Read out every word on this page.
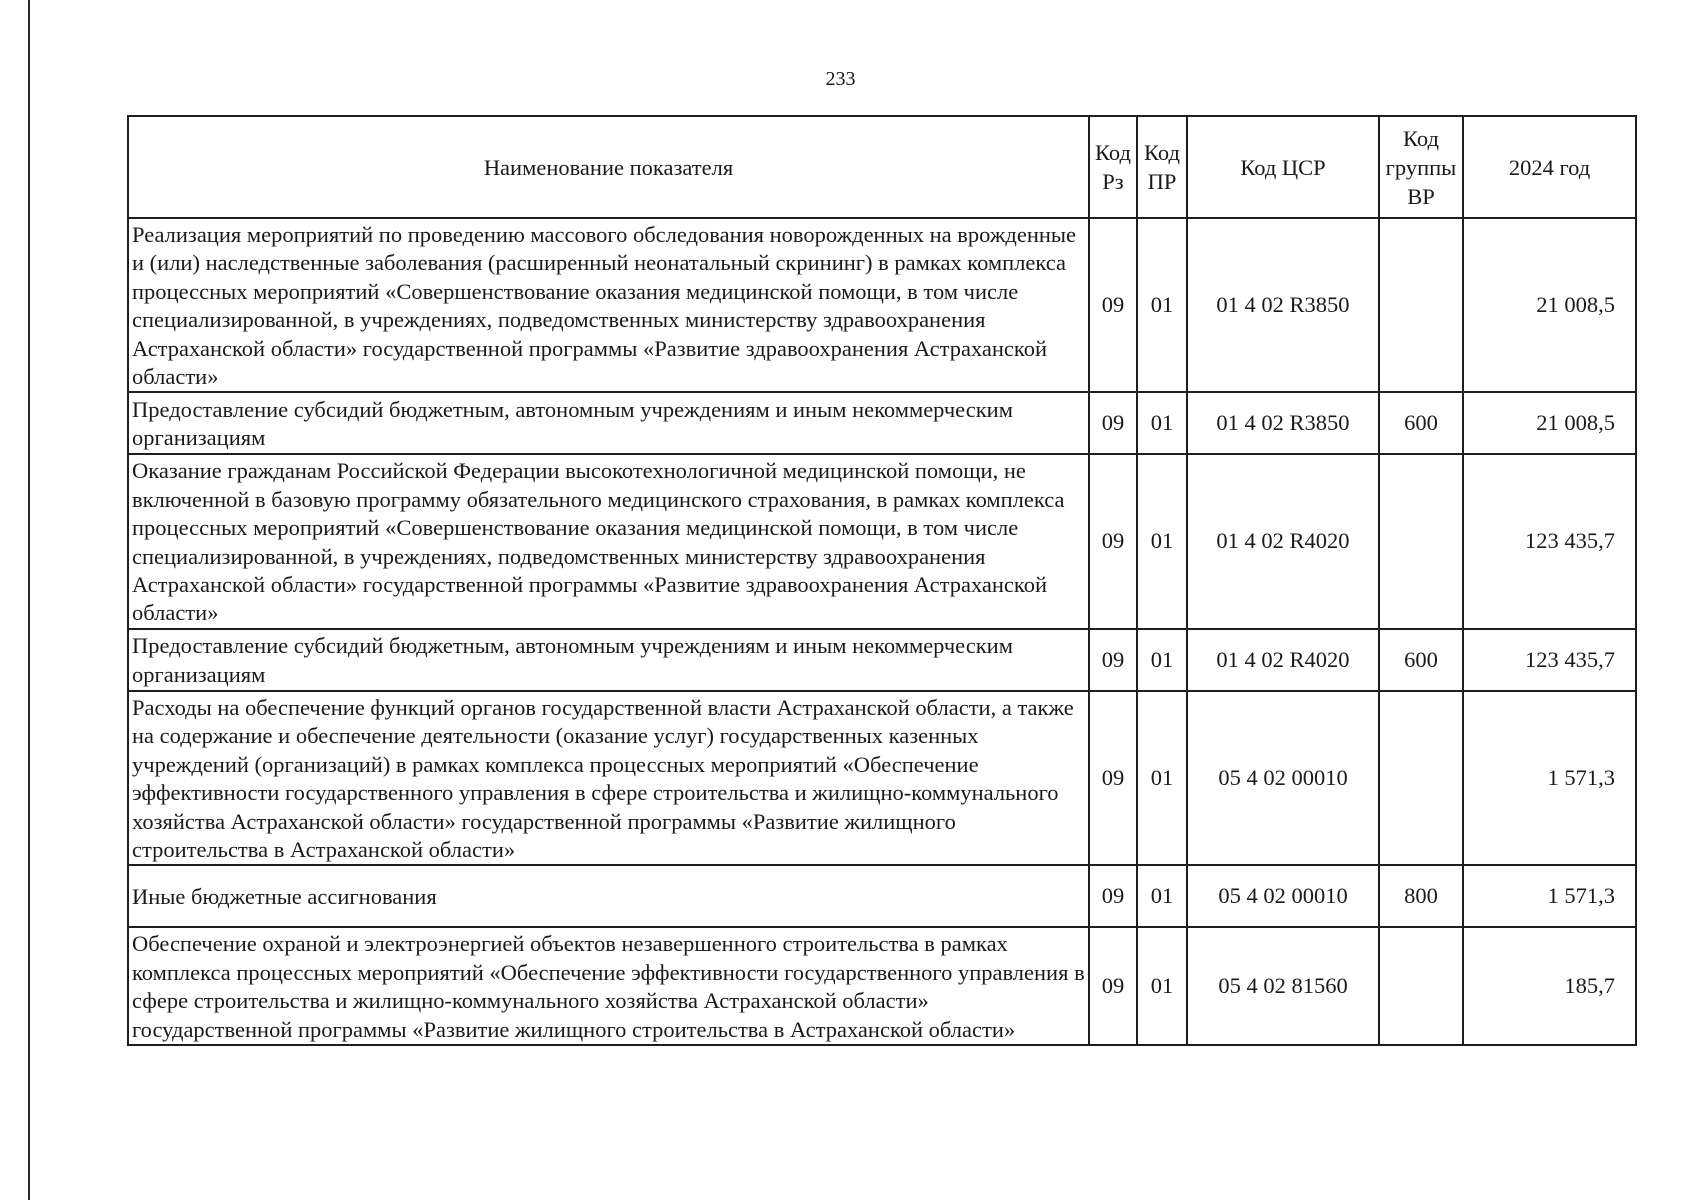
233
Наименование показателя	Код Рз	Код ПР	Код ЦСР	Код группы ВР	2024 год
Реализация мероприятий по проведению массового обследования новорожденных на врожденные и (или) наследственные заболевания (расширенный неонатальный скрининг) в рамках комплекса процессных мероприятий «Совершенствование оказания медицинской помощи, в том числе специализированной, в учреждениях, подведомственных министерству здравоохранения Астраханской области» государственной программы «Развитие здравоохранения Астраханской области»	09	01	01 4 02 R3850		21 008,5
Предоставление субсидий бюджетным, автономным учреждениям и иным некоммерческим организациям	09	01	01 4 02 R3850	600	21 008,5
Оказание гражданам Российской Федерации высокотехнологичной медицинской помощи, не включенной в базовую программу обязательного медицинского страхования, в рамках комплекса процессных мероприятий «Совершенствование оказания медицинской помощи, в том числе специализированной, в учреждениях, подведомственных министерству здравоохранения Астраханской области» государственной программы «Развитие здравоохранения Астраханской области»	09	01	01 4 02 R4020		123 435,7
Предоставление субсидий бюджетным, автономным учреждениям и иным некоммерческим организациям	09	01	01 4 02 R4020	600	123 435,7
Расходы на обеспечение функций органов государственной власти Астраханской области, а также на содержание и обеспечение деятельности (оказание услуг) государственных казенных учреждений (организаций) в рамках комплекса процессных мероприятий «Обеспечение эффективности государственного управления в сфере строительства и жилищно-коммунального хозяйства Астраханской области» государственной программы «Развитие жилищного строительства в Астраханской области»	09	01	05 4 02 00010		1 571,3
Иные бюджетные ассигнования	09	01	05 4 02 00010	800	1 571,3
Обеспечение охраной и электроэнергией объектов незавершенного строительства в рамках комплекса процессных мероприятий «Обеспечение эффективности государственного управления в сфере строительства и жилищно-коммунального хозяйства Астраханской области» государственной программы «Развитие жилищного строительства в Астраханской области»	09	01	05 4 02 81560		185,7
